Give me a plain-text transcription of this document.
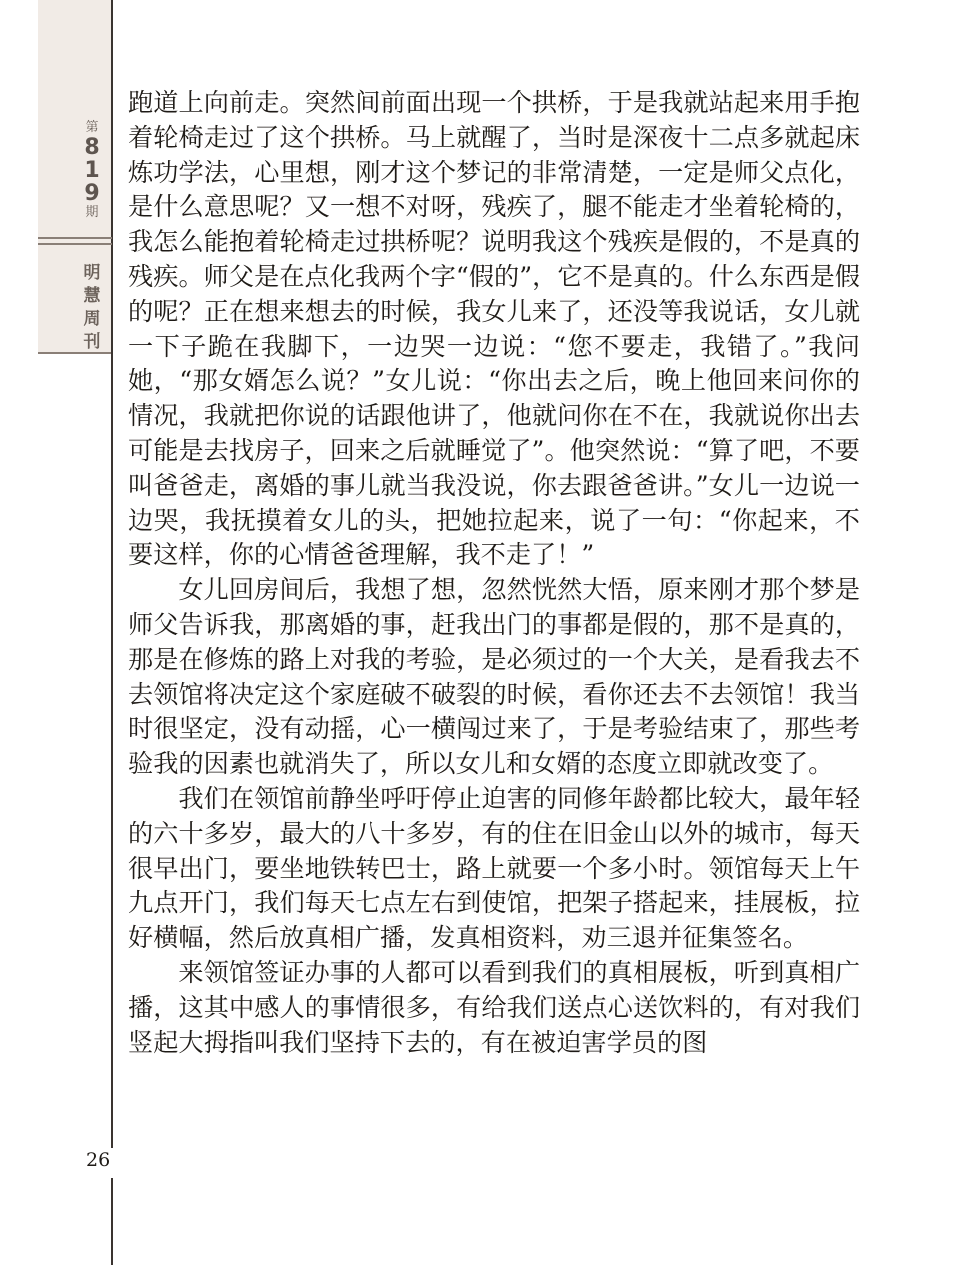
第
8
1
9
期
明
慧
周
刊

跑道上向前走。突然间前面出现一个拱桥，于是我就站起来用手抱着轮椅走过了这个拱桥。马上就醒了，当时是深夜十二点多就起床炼功学法，心里想，刚才这个梦记的非常清楚，一定是师父点化，是什么意思呢？又一想不对呀，残疾了，腿不能走才坐着轮椅的，我怎么能抱着轮椅走过拱桥呢？说明我这个残疾是假的，不是真的残疾。师父是在点化我两个字“假的”，它不是真的。什么东西是假的呢？正在想来想去的时候，我女儿来了，还没等我说话，女儿就一下子跪在我脚下，一边哭一边说：“您不要走，我错了。”我问她，“那女婿怎么说？”女儿说：“你出去之后，晚上他回来问你的情况，我就把你说的话跟他讲了，他就问你在不在，我就说你出去可能是去找房子，回来之后就睡觉了”。他突然说：“算了吧，不要叫爸爸走，离婚的事儿就当我没说，你去跟爸爸讲。”女儿一边说一边哭，我抚摸着女儿的头，把她拉起来，说了一句：“你起来，不要这样，你的心情爸爸理解，我不走了！”

女儿回房间后，我想了想，忽然恍然大悟，原来刚才那个梦是师父告诉我，那离婚的事，赶我出门的事都是假的，那不是真的，那是在修炼的路上对我的考验，是必须过的一个大关，是看我去不去领馆将决定这个家庭破不破裂的时候，看你还去不去领馆！我当时很坚定，没有动摇，心一横闯过来了，于是考验结束了，那些考验我的因素也就消失了，所以女儿和女婿的态度立即就改变了。

我们在领馆前静坐呼吁停止迫害的同修年龄都比较大，最年轻的六十多岁，最大的八十多岁，有的住在旧金山以外的城市，每天很早出门，要坐地铁转巴士，路上就要一个多小时。领馆每天上午九点开门，我们每天七点左右到使馆，把架子搭起来，挂展板，拉好横幅，然后放真相广播，发真相资料，劝三退并征集签名。

来领馆签证办事的人都可以看到我们的真相展板，听到真相广播，这其中感人的事情很多，有给我们送点心送饮料的，有对我们竖起大拇指叫我们坚持下去的，有在被迫害学员的图

26
